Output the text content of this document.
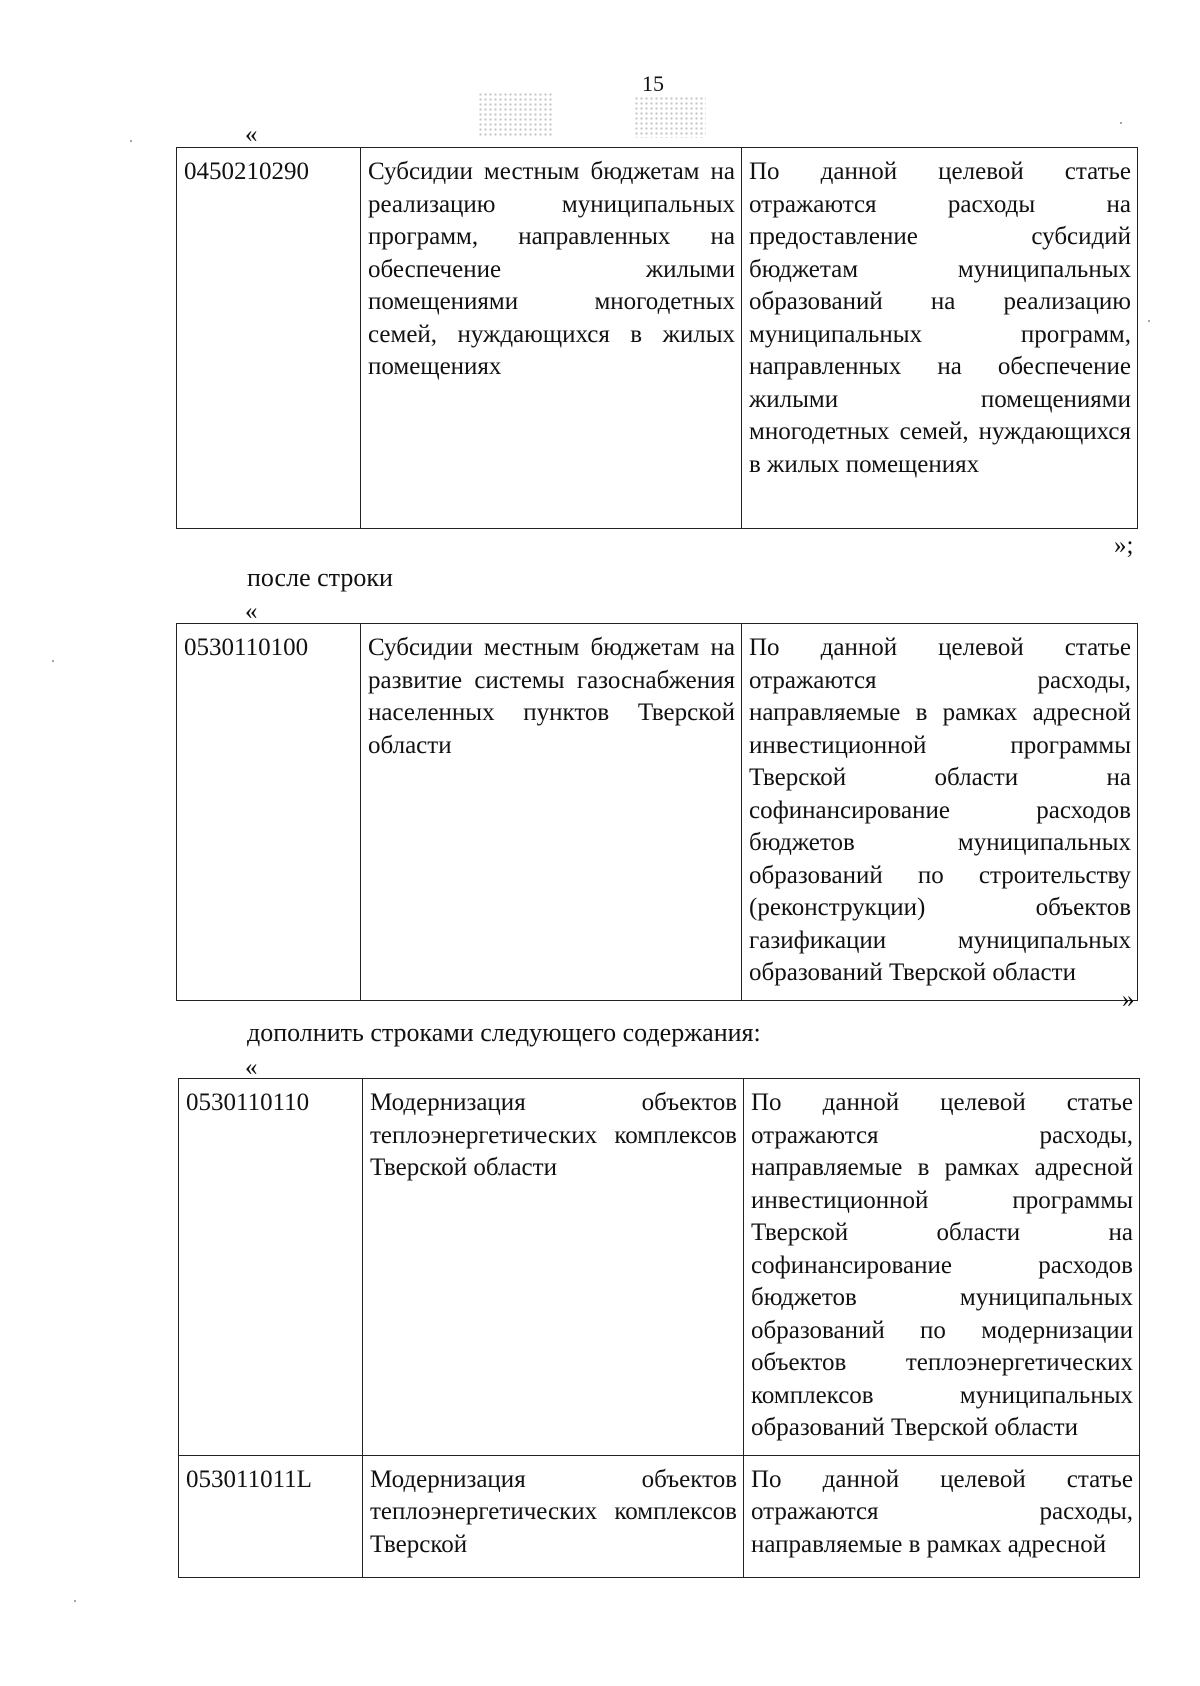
15
«
0450210290	Субсидии местным бюджетам на реализацию муниципальных программ, направленных на обеспечение жилыми помещениями многодетных семей, нуждающихся в жилых помещениях	По данной целевой статье отражаются расходы на предоставление субсидий бюджетам муниципальных образований на реализацию муниципальных программ, направленных на обеспечение жилыми помещениями многодетных семей, нуждающихся в жилых помещениях
»;
после строки
«
0530110100	Субсидии местным бюджетам на развитие системы газоснабжения населенных пунктов Тверской области	По данной целевой статье отражаются расходы, направляемые в рамках адресной инвестиционной программы Тверской области на софинансирование расходов бюджетов муниципальных образований по строительству (реконструкции) объектов газификации муниципальных образований Тверской области
»
дополнить строками следующего содержания:
«
0530110110	Модернизация объектов теплоэнергетических комплексов Тверской области	По данной целевой статье отражаются расходы, направляемые в рамках адресной инвестиционной программы Тверской области на софинансирование расходов бюджетов муниципальных образований по модернизации объектов теплоэнергетических комплексов муниципальных образований Тверской области
053011011L	Модернизация объектов теплоэнергетических комплексов Тверской	По данной целевой статье отражаются расходы, направляемые в рамках адресной
